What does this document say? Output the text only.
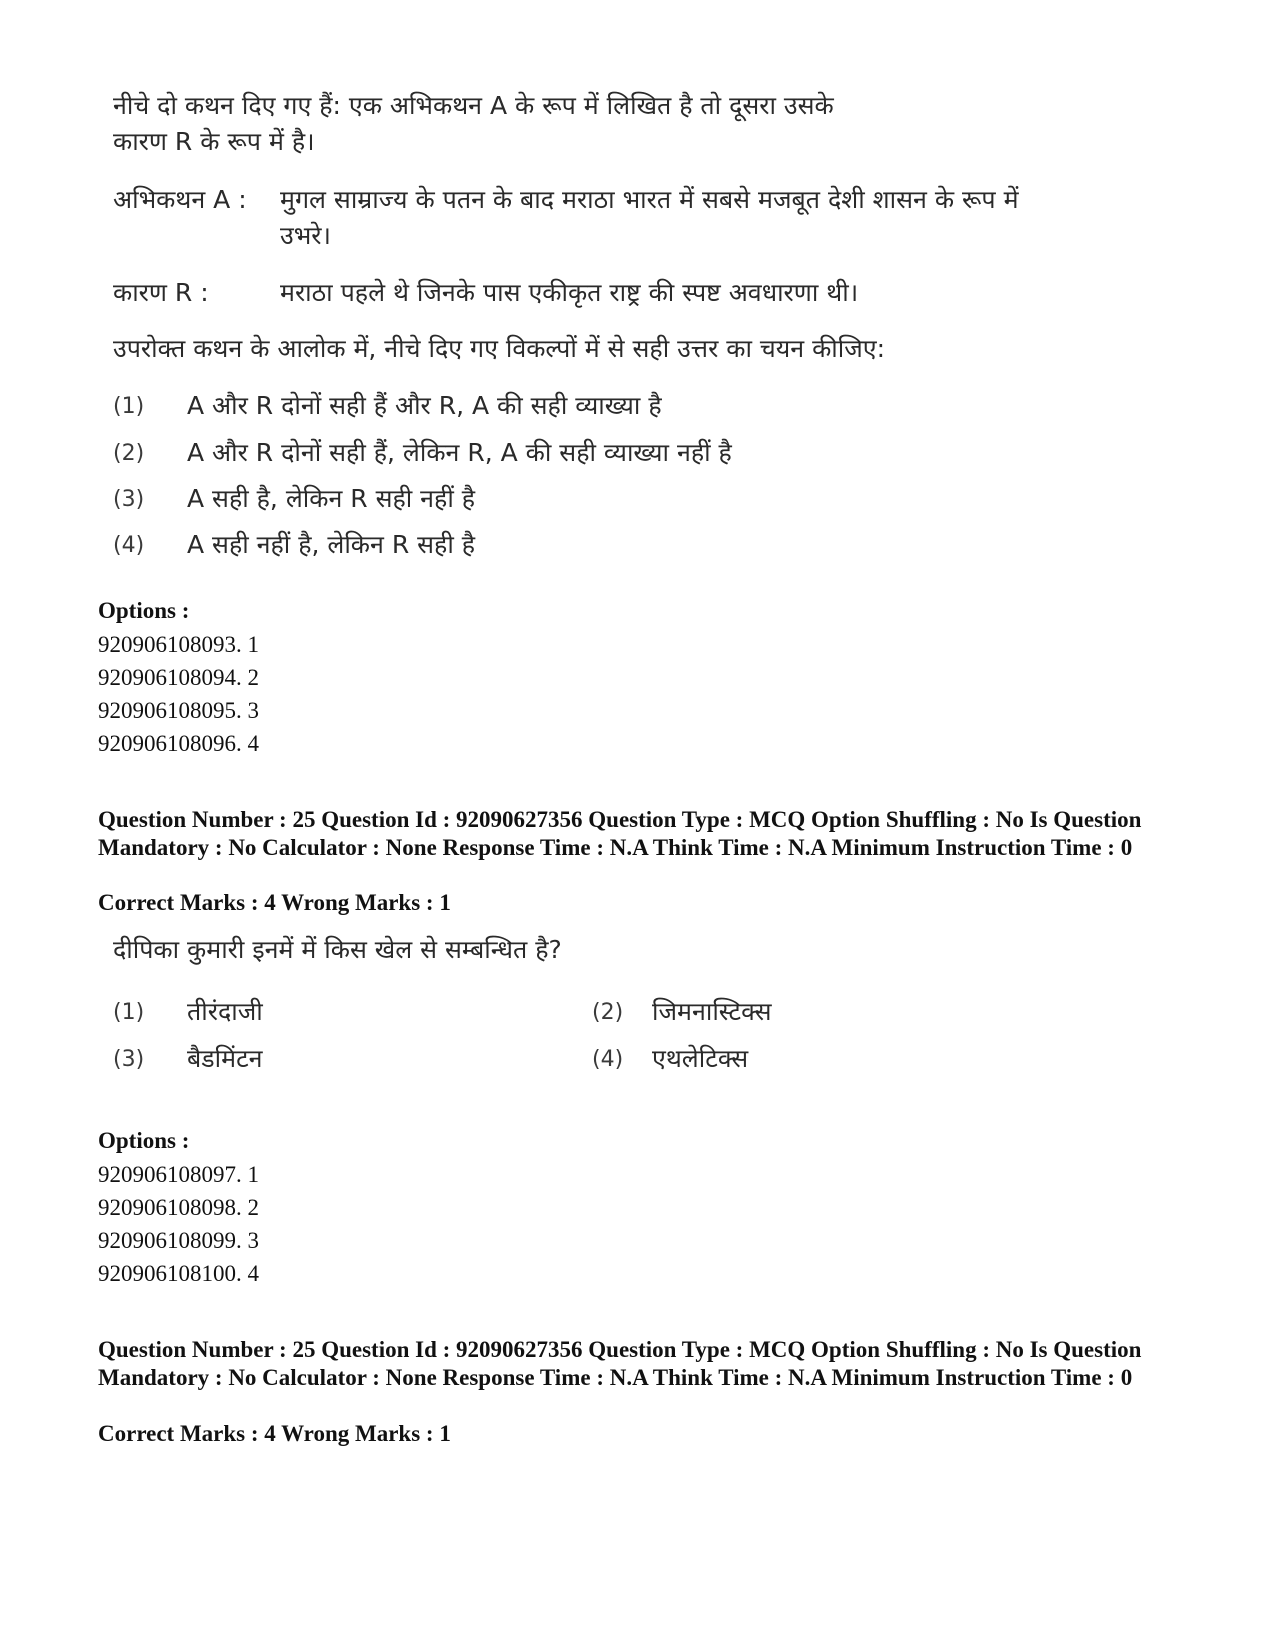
नीचे दो कथन दिए गए हैं: एक अभिकथन A के रूप में लिखित है तो दूसरा उसके
कारण R के रूप में है।
अभिकथन A : मुगल साम्राज्य के पतन के बाद मराठा भारत में सबसे मजबूत देशी शासन के रूप में
उभरे।
कारण R :	मराठा पहले थे जिनके पास एकीकृत राष्ट्र की स्पष्ट अवधारणा थी।
उपरोक्त कथन के आलोक में, नीचे दिए गए विकल्पों में से सही उत्तर का चयन कीजिए:
(1) A और R दोनों सही हैं और R, A की सही व्याख्या है
(2) A और R दोनों सही हैं, लेकिन R, A की सही व्याख्या नहीं है
(3) A सही है, लेकिन R सही नहीं है
(4) A सही नहीं है, लेकिन R सही है
Options :
920906108093. 1
920906108094. 2
920906108095. 3
920906108096. 4
Question Number : 25 Question Id : 92090627356 Question Type : MCQ Option Shuffling : No Is Question Mandatory : No Calculator : None Response Time : N.A Think Time : N.A Minimum Instruction Time : 0
Correct Marks : 4 Wrong Marks : 1
दीपिका कुमारी इनमें में किस खेल से सम्बन्धित है?
(1) तीरंदाजी	(2) जिमनास्टिक्स
(3) बैडमिंटन	(4) एथलेटिक्स
Options :
920906108097. 1
920906108098. 2
920906108099. 3
920906108100. 4
Question Number : 25 Question Id : 92090627356 Question Type : MCQ Option Shuffling : No Is Question Mandatory : No Calculator : None Response Time : N.A Think Time : N.A Minimum Instruction Time : 0
Correct Marks : 4 Wrong Marks : 1
